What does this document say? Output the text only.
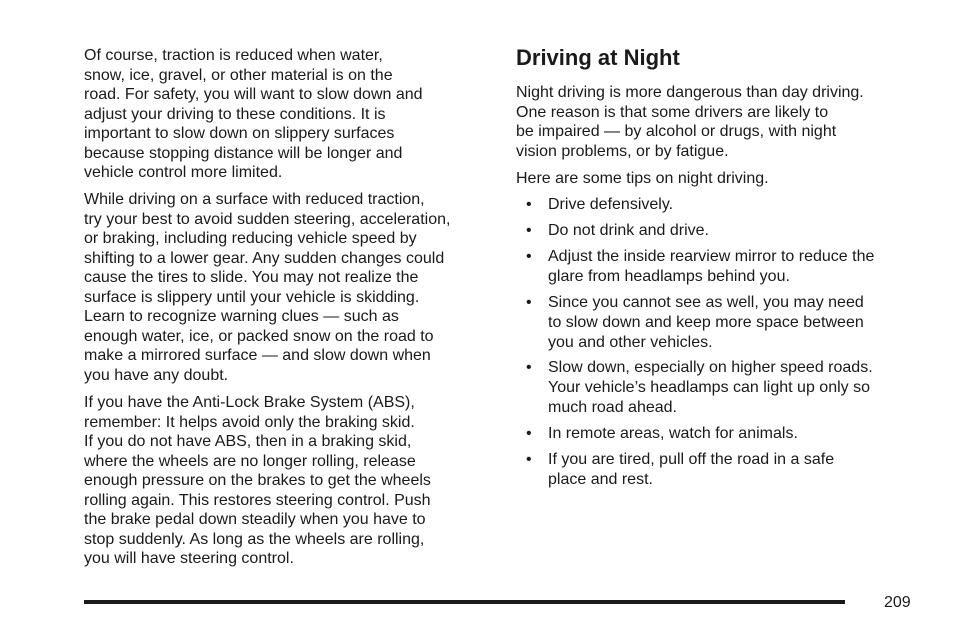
Of course, traction is reduced when water,
snow, ice, gravel, or other material is on the
road. For safety, you will want to slow down and
adjust your driving to these conditions. It is
important to slow down on slippery surfaces
because stopping distance will be longer and
vehicle control more limited.

While driving on a surface with reduced traction,
try your best to avoid sudden steering, acceleration,
or braking, including reducing vehicle speed by
shifting to a lower gear. Any sudden changes could
cause the tires to slide. You may not realize the
surface is slippery until your vehicle is skidding.
Learn to recognize warning clues — such as
enough water, ice, or packed snow on the road to
make a mirrored surface — and slow down when
you have any doubt.

If you have the Anti-Lock Brake System (ABS),
remember: It helps avoid only the braking skid.
If you do not have ABS, then in a braking skid,
where the wheels are no longer rolling, release
enough pressure on the brakes to get the wheels
rolling again. This restores steering control. Push
the brake pedal down steadily when you have to
stop suddenly. As long as the wheels are rolling,
you will have steering control.

Driving at Night

Night driving is more dangerous than day driving.
One reason is that some drivers are likely to
be impaired — by alcohol or drugs, with night
vision problems, or by fatigue.

Here are some tips on night driving.

• Drive defensively.
• Do not drink and drive.
• Adjust the inside rearview mirror to reduce the
glare from headlamps behind you.
• Since you cannot see as well, you may need
to slow down and keep more space between
you and other vehicles.
• Slow down, especially on higher speed roads.
Your vehicle’s headlamps can light up only so
much road ahead.
• In remote areas, watch for animals.
• If you are tired, pull off the road in a safe
place and rest.
209
